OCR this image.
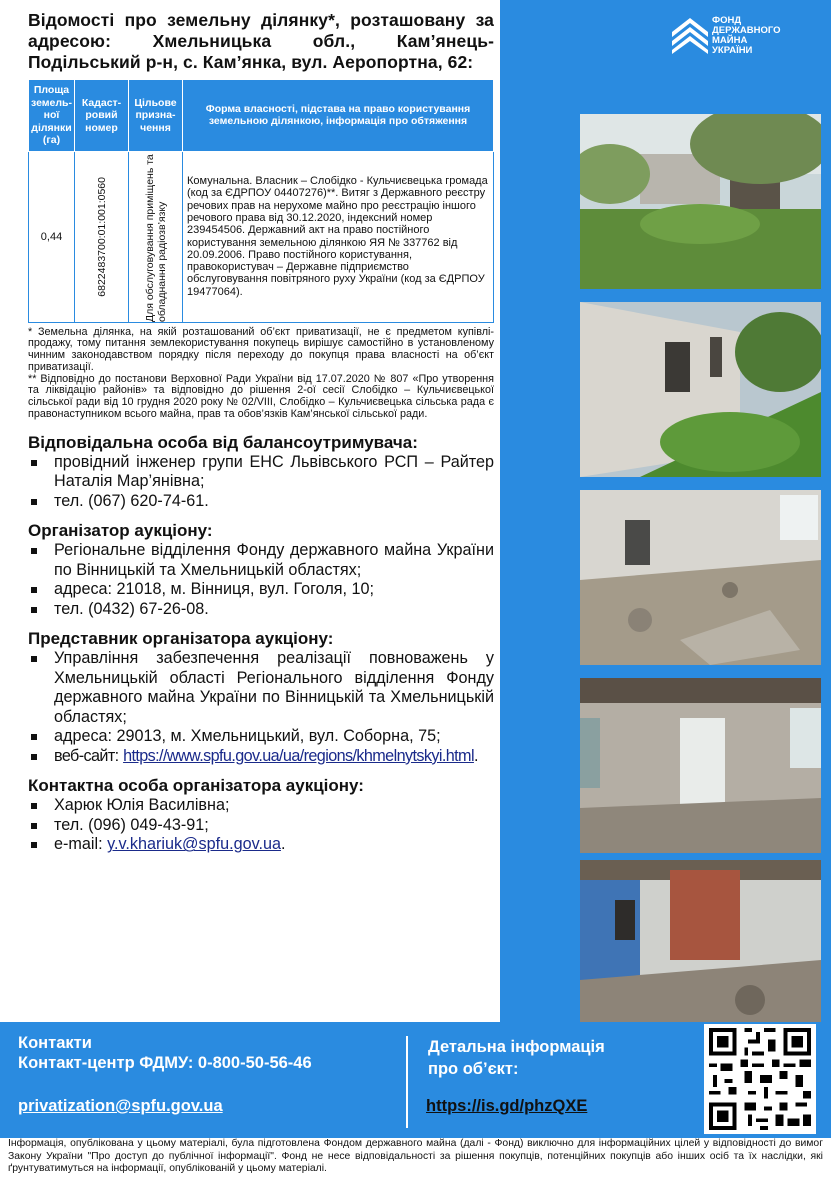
ФОНД
ДЕРЖАВНОГО
МАЙНА
УКРАЇНИ
Відомості про земельну ділянку*, розташовану за адресою: Хмельницька обл., Кам’янець-Подільський р-н, с. Кам’янка, вул. Аеропортна, 62:
Площа земель-ної ділянки (га)	Кадаст-ровий номер	Цільове призна-чення	Форма власності, підстава на право користування земельною ділянкою, інформація про обтяження
0,44	6822483700:01:001:0560	Для обслуговування приміщень та обладнання радіозв’язку	Комунальна. Власник – Слобідко - Кульчиєвецька громада (код за ЄДРПОУ 04407276)**. Витяг з Державного реєстру речових прав на нерухоме майно про реєстрацію іншого речового права від 30.12.2020, індексний номер 239454506. Державний акт на право постійного користування земельною ділянкою ЯЯ № 337762 від 20.09.2006. Право постійного користування, правокористувач – Державне підприємство обслуговування повітряного руху України (код за ЄДРПОУ 19477064).

* Земельна ділянка, на якій розташований об’єкт приватизації, не є предметом купівлі-продажу, тому питання землекористування покупець вирішує самостійно в установленому чинним законодавством порядку після переходу до покупця права власності на об’єкт приватизації.

** Відповідно до постанови Верховної Ради України від 17.07.2020 № 807 «Про утворення та ліквідацію районів» та відповідно до рішення 2-ої сесії Слобідко – Кульчиєвецької сільської ради від 10 грудня 2020 року № 02/VIII, Слобідко – Кульчиєвецька сільська рада є правонаступником всього майна, прав та обов’язків Кам’янської сільської ради.

Відповідальна особа від балансоутримувача:
провідний інженер групи ЕНС Львівського РСП – Райтер Наталія Мар’янівна;
тел. (067) 620-74-61.
Організатор аукціону:
Регіональне відділення Фонду державного майна України по Вінницькій та Хмельницькій областях;
адреса: 21018, м. Вінниця, вул. Гоголя, 10;
тел. (0432) 67-26-08.
Представник організатора аукціону:
Управління забезпечення реалізації повноважень у Хмельницькій області Регіонального відділення Фонду державного майна України по Вінницькій та Хмельницькій областях;
адреса: 29013, м. Хмельницький, вул. Соборна, 75;
веб-сайт: https://www.spfu.gov.ua/ua/regions/khmelnytskyi.html.
Контактна особа організатора аукціону:
Харюк Юлія Василівна;
тел. (096) 049-43-91;
e-mail: y.v.khariuk@spfu.gov.ua.
Контакти
Контакт-центр ФДМУ: 0-800-50-56-46
privatization@spfu.gov.ua
Детальна інформація
про об’єкт:
https://is.gd/phzQXE
Інформація, опублікована у цьому матеріалі, була підготовлена Фондом державного майна (далі - Фонд) виключно для інформаційних цілей у відповідності до вимог Закону України "Про доступ до публічної інформації". Фонд не несе відповідальності за рішення покупців, потенційних покупців або інших осіб та їх наслідки, які ґрунтуватимуться на інформації, опублікованій у цьому матеріалі.
